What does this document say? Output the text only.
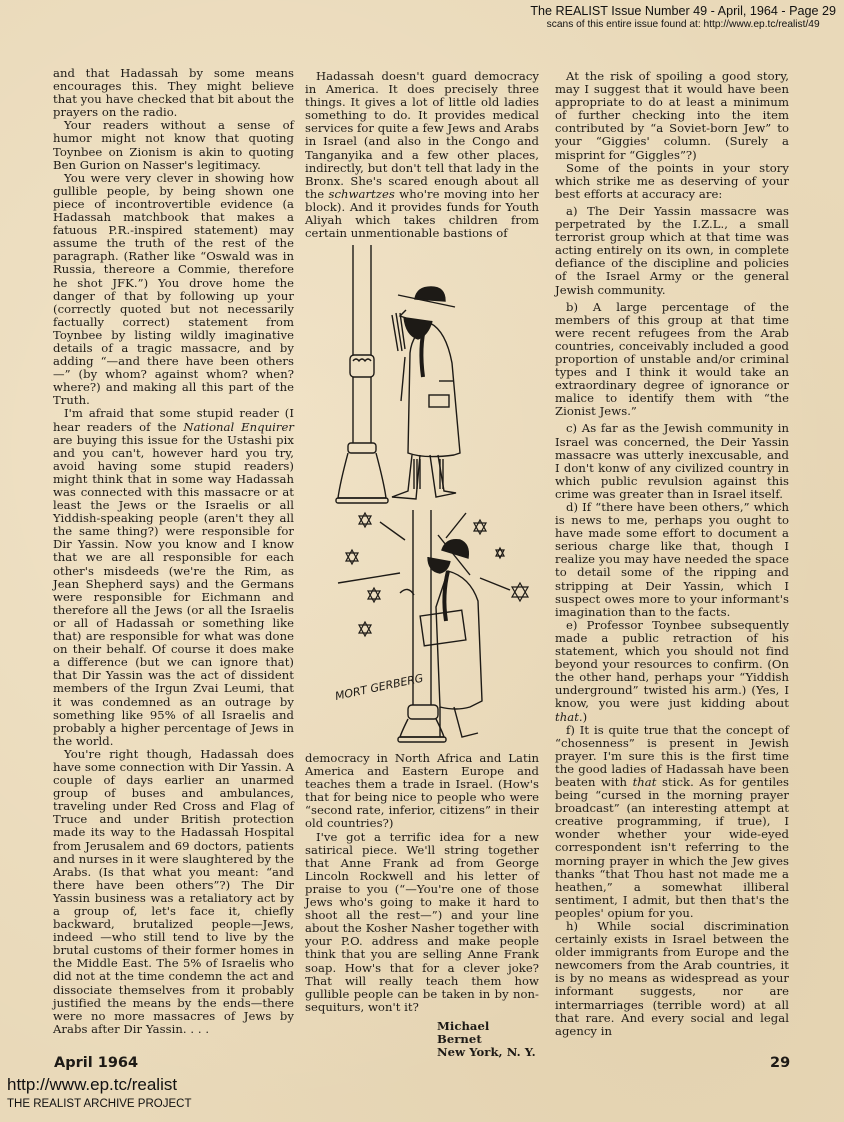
The REALIST Issue Number 49 - April, 1964 - Page 29
scans of this entire issue found at: http://www.ep.tc/realist/49

and that Hadassah by some means encourages this. They might believe that you have checked that bit about the prayers on the radio.

Your readers without a sense of humor might not know that quoting Toynbee on Zionism is akin to quoting Ben Gurion on Nasser's legitimacy.

You were very clever in showing how gullible people, by being shown one piece of incontrovertible evidence (a Hadassah matchbook that makes a fatuous P.R.-inspired statement) may assume the truth of the rest of the paragraph. (Rather like “Oswald was in Russia, thereore a Commie, therefore he shot JFK.”) You drove home the danger of that by following up your (correctly quoted but not necessarily factually correct) statement from Toynbee by listing wildly imaginative details of a tragic massacre, and by adding “—and there have been others—” (by whom? against whom? when? where?) and making all this part of the Truth.

I'm afraid that some stupid reader (I hear readers of the National Enquirer are buying this issue for the Ustashi pix and you can't, however hard you try, avoid having some stupid readers) might think that in some way Hadassah was connected with this massacre or at least the Jews or the Israelis or all Yiddish-speaking people (aren't they all the same thing?) were responsible for Dir Yassin. Now you know and I know that we are all responsible for each other's misdeeds (we're the Rim, as Jean Shepherd says) and the Germans were responsible for Eichmann and therefore all the Jews (or all the Israelis or all of Hadassah or something like that) are responsible for what was done on their behalf. Of course it does make a difference (but we can ignore that) that Dir Yassin was the act of dissident members of the Irgun Zvai Leumi, that it was condemned as an outrage by something like 95% of all Israelis and probably a higher percentage of Jews in the world.

You're right though, Hadassah does have some connection with Dir Yassin. A couple of days earlier an unarmed group of buses and ambulances, traveling under Red Cross and Flag of Truce and under British protection made its way to the Hadassah Hospital from Jerusalem and 69 doctors, patients and nurses in it were slaughtered by the Arabs. (Is that what you meant: “and there have been others”?) The Dir Yassin business was a retaliatory act by a group of, let's face it, chiefly backward, brutalized people—Jews, indeed —who still tend to live by the brutal customs of their former homes in the Middle East. The 5% of Israelis who did not at the time condemn the act and dissociate themselves from it probably justified the means by the ends—there were no more massacres of Jews by Arabs after Dir Yassin. . . .

Hadassah doesn't guard democracy in America. It does precisely three things. It gives a lot of little old ladies something to do. It provides medical services for quite a few Jews and Arabs in Israel (and also in the Congo and Tanganyika and a few other places, indirectly, but don't tell that lady in the Bronx. She's scared enough about all the schwartzes who're moving into her block). And it provides funds for Youth Aliyah which takes children from certain unmentionable bastions of

MORT GERBERG

democracy in North Africa and Latin America and Eastern Europe and teaches them a trade in Israel. (How's that for being nice to people who were “second rate, inferior, citizens” in their old countries?)

I've got a terrific idea for a new satirical piece. We'll string together that Anne Frank ad from George Lincoln Rockwell and his letter of praise to you (“—You're one of those Jews who's going to make it hard to shoot all the rest—”) and your line about the Kosher Nasher together with your P.O. address and make people think that you are selling Anne Frank soap. How's that for a clever joke? That will really teach them how gullible people can be taken in by non-sequiturs, won't it?

Michael Bernet
New York, N. Y.

At the risk of spoiling a good story, may I suggest that it would have been appropriate to do at least a minimum of further checking into the item contributed by “a Soviet-born Jew” to your “Giggies' column. (Surely a misprint for “Giggles”?)

Some of the points in your story which strike me as deserving of your best efforts at accuracy are:

a) The Deir Yassin massacre was perpetrated by the I.Z.L., a small terrorist group which at that time was acting entirely on its own, in complete defiance of the discipline and policies of the Israel Army or the general Jewish community.

b) A large percentage of the members of this group at that time were recent refugees from the Arab countries, conceivably included a good proportion of unstable and/or criminal types and I think it would take an extraordinary degree of ignorance or malice to identify them with “the Zionist Jews.”

c) As far as the Jewish community in Israel was concerned, the Deir Yassin massacre was utterly inexcusable, and I don't konw of any civilized country in which public revulsion against this crime was greater than in Israel itself.

d) If “there have been others,” which is news to me, perhaps you ought to have made some effort to document a serious charge like that, though I realize you may have needed the space to detail some of the ripping and stripping at Deir Yassin, which I suspect owes more to your informant's imagination than to the facts.

e) Professor Toynbee subsequently made a public retraction of his statement, which you should not find beyond your resources to confirm. (On the other hand, perhaps your “Yiddish underground” twisted his arm.) (Yes, I know, you were just kidding about that.)

f) It is quite true that the concept of “chosenness” is present in Jewish prayer. I'm sure this is the first time the good ladies of Hadassah have been beaten with that stick. As for gentiles being “cursed in the morning prayer broadcast” (an interesting attempt at creative programming, if true), I wonder whether your wide-eyed correspondent isn't referring to the morning prayer in which the Jew gives thanks “that Thou hast not made me a heathen,” a somewhat illiberal sentiment, I admit, but then that's the peoples' opium for you.

h) While social discrimination certainly exists in Israel between the older immigrants from Europe and the newcomers from the Arab countries, it is by no means as widespread as your informant suggests, nor are intermarriages (terrible word) at all that rare. And every social and legal agency in

April 1964	29
http://www.ep.tc/realist
THE REALIST ARCHIVE PROJECT
